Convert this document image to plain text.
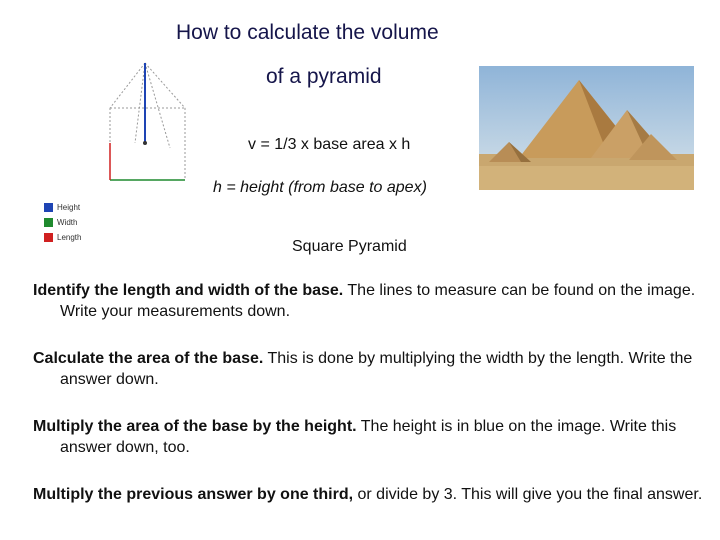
How to calculate the volume
of a pyramid
Height
Width
Length
v = 1/3 x base area x h
h = height (from base to apex)
Square Pyramid
Identify the length and width of the base. The lines to measure can be found on the image. Write your measurements down.
Calculate the area of the base. This is done by multiplying the width by the length. Write the answer down.
Multiply the area of the base by the height. The height is in blue on the image. Write this answer down, too.
Multiply the previous answer by one third, or divide by 3. This will give you the final answer.
